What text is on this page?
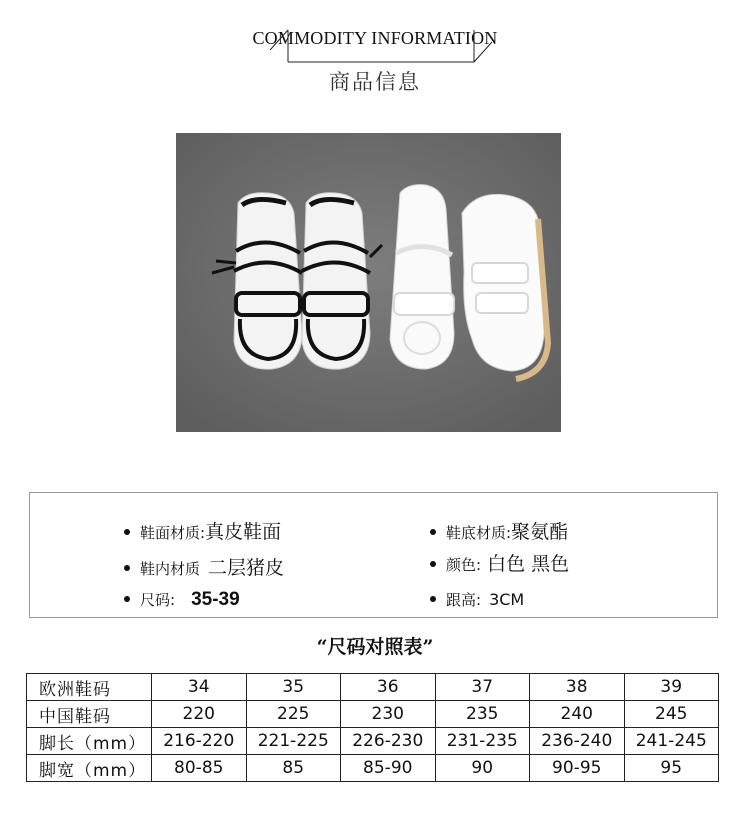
COMMODITY INFORMATION
商品信息
鞋面材质:真皮鞋面	鞋底材质:聚氨酯
鞋内材质 二层猪皮	颜色: 白色 黑色
尺码: 35-39	跟高: 3CM
“尺码对照表”
欧洲鞋码	34	35	36	37	38	39
中国鞋码	220	225	230	235	240	245
脚长（mm）	216-220	221-225	226-230	231-235	236-240	241-245
脚宽（mm）	80-85	85	85-90	90	90-95	95
